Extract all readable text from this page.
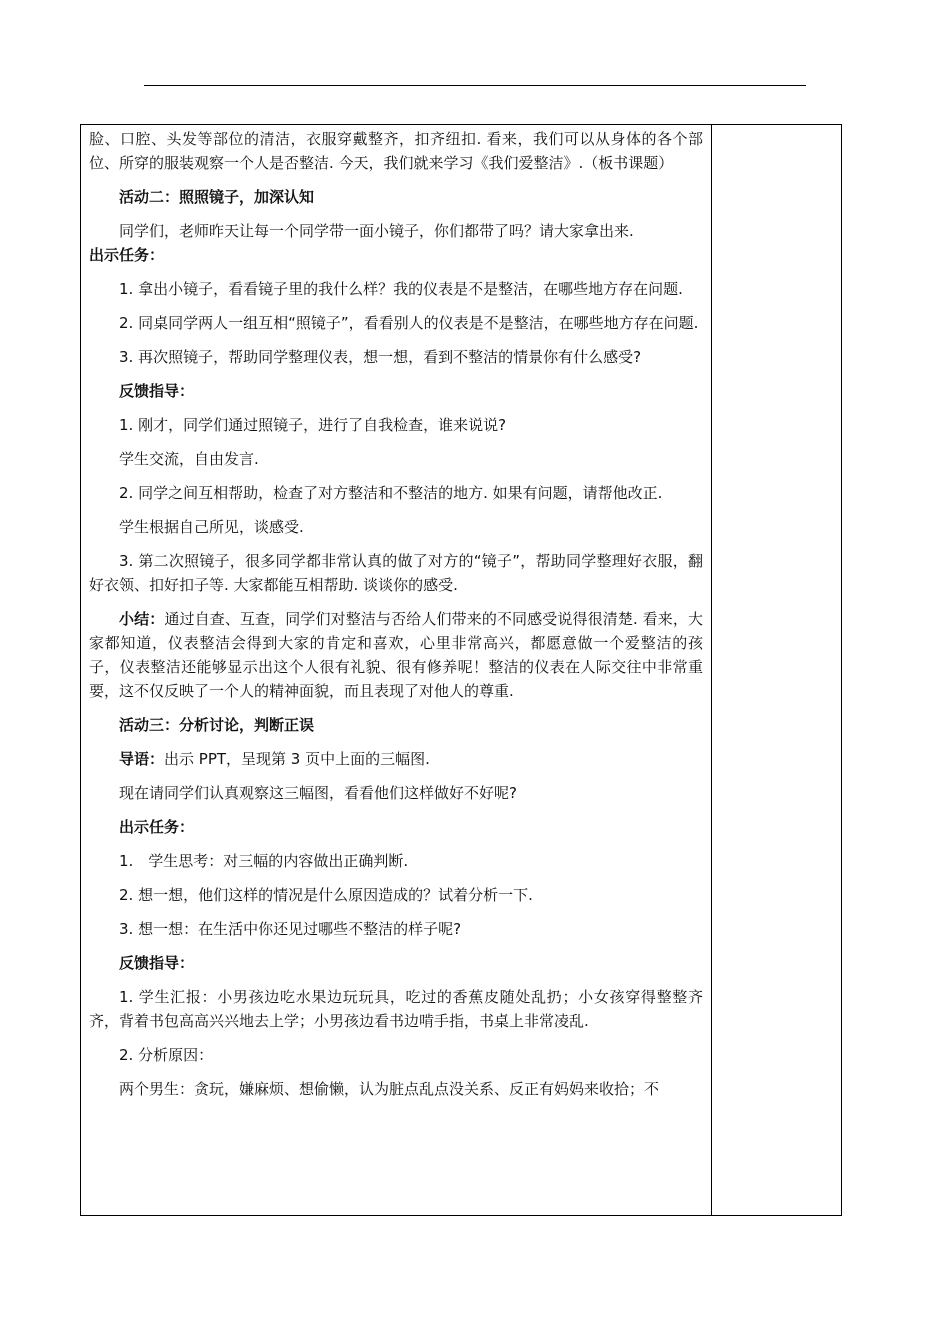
脸、口腔、头发等部位的清洁，衣服穿戴整齐，扣齐纽扣. 看来，我们可以从身体的各个部位、所穿的服装观察一个人是否整洁. 今天，我们就来学习《我们爱整洁》.（板书课题）

活动二：照照镜子，加深认知

同学们，老师昨天让每一个同学带一面小镜子，你们都带了吗？请大家拿出来.

出示任务：

1. 拿出小镜子，看看镜子里的我什么样？我的仪表是不是整洁，在哪些地方存在问题.

2. 同桌同学两人一组互相“照镜子”，看看别人的仪表是不是整洁，在哪些地方存在问题.

3. 再次照镜子，帮助同学整理仪表，想一想，看到不整洁的情景你有什么感受?

反馈指导：

1. 刚才，同学们通过照镜子，进行了自我检查，谁来说说?

学生交流，自由发言.

2. 同学之间互相帮助，检查了对方整洁和不整洁的地方. 如果有问题，请帮他改正.

学生根据自己所见，谈感受.

3. 第二次照镜子，很多同学都非常认真的做了对方的“镜子”，帮助同学整理好衣服，翻好衣领、扣好扣子等. 大家都能互相帮助. 谈谈你的感受.

小结：通过自查、互查，同学们对整洁与否给人们带来的不同感受说得很清楚. 看来，大家都知道，仪表整洁会得到大家的肯定和喜欢，心里非常高兴，都愿意做一个爱整洁的孩子，仪表整洁还能够显示出这个人很有礼貌、很有修养呢！整洁的仪表在人际交往中非常重要，这不仅反映了一个人的精神面貌，而且表现了对他人的尊重.

活动三：分析讨论，判断正误

导语：出示 PPT，呈现第 3 页中上面的三幅图.

现在请同学们认真观察这三幅图，看看他们这样做好不好呢?

出示任务：

1.　学生思考：对三幅的内容做出正确判断.

2. 想一想，他们这样的情况是什么原因造成的？试着分析一下.

3. 想一想：在生活中你还见过哪些不整洁的样子呢?

反馈指导：

1. 学生汇报：小男孩边吃水果边玩玩具，吃过的香蕉皮随处乱扔；小女孩穿得整整齐齐，背着书包高高兴兴地去上学；小男孩边看书边啃手指，书桌上非常凌乱.

2. 分析原因：

两个男生：贪玩，嫌麻烦、想偷懒，认为脏点乱点没关系、反正有妈妈来收拾；不
